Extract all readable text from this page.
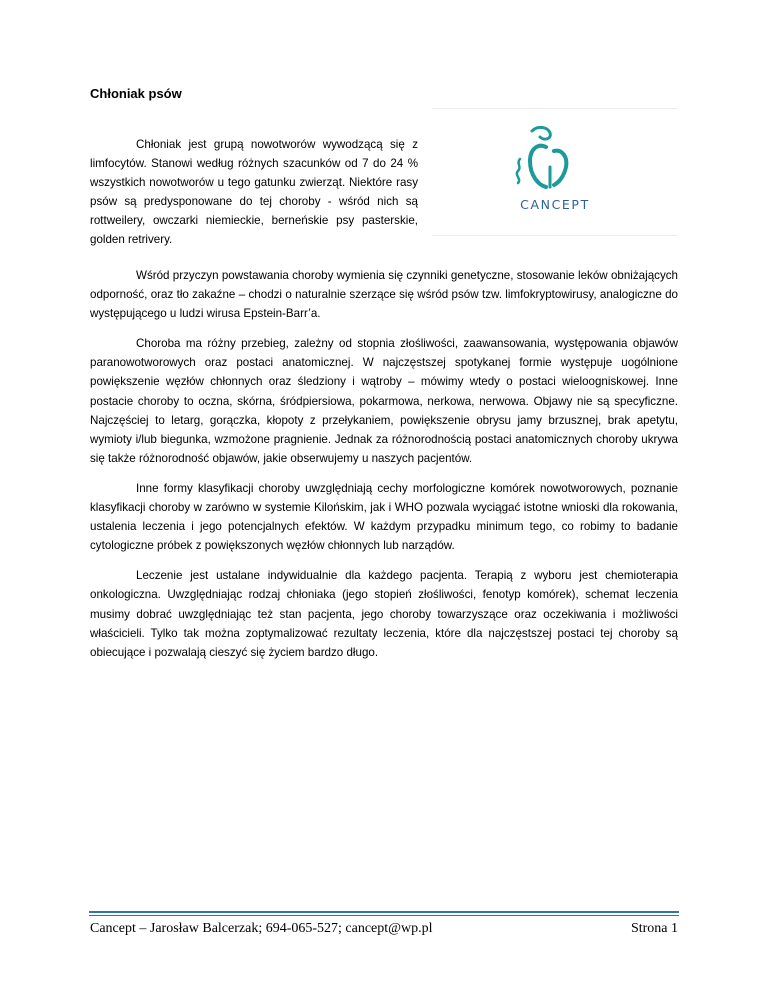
Chłoniak psów

Chłoniak jest grupą nowotworów wywodzącą się z limfocytów. Stanowi według różnych szacunków od 7 do 24 % wszystkich nowotworów u tego gatunku zwierząt. Niektóre rasy psów są predysponowane do tej choroby - wśród nich są rottweilery, owczarki niemieckie, berneńskie psy pasterskie, golden retrivery.

CANCEPT

Wśród przyczyn powstawania choroby wymienia się czynniki genetyczne, stosowanie leków obniżających odporność, oraz tło zakaźne – chodzi o naturalnie szerzące się wśród psów tzw. limfokryptowirusy, analogiczne do występującego u ludzi wirusa Epstein-Barr’a.

Choroba ma różny przebieg, zależny od stopnia złośliwości, zaawansowania, występowania objawów paranowotworowych oraz postaci anatomicznej. W najczęstszej spotykanej formie występuje uogólnione powiększenie węzłów chłonnych oraz śledziony i wątroby – mówimy wtedy o postaci wieloogniskowej. Inne postacie choroby to oczna, skórna, śródpiersiowa, pokarmowa, nerkowa, nerwowa. Objawy nie są specyficzne. Najczęściej to letarg, gorączka, kłopoty z przełykaniem, powiększenie obrysu jamy brzusznej, brak apetytu, wymioty i/lub biegunka, wzmożone pragnienie. Jednak za różnorodnością postaci anatomicznych choroby ukrywa się także różnorodność objawów, jakie obserwujemy u naszych pacjentów.

Inne formy klasyfikacji choroby uwzględniają cechy morfologiczne komórek nowotworowych, poznanie klasyfikacji choroby w zarówno w systemie Kilońskim, jak i WHO pozwala wyciągać istotne wnioski dla rokowania, ustalenia leczenia i jego potencjalnych efektów. W każdym przypadku minimum tego, co robimy to badanie cytologiczne próbek z powiększonych węzłów chłonnych lub narządów.

Leczenie jest ustalane indywidualnie dla każdego pacjenta. Terapią z wyboru jest chemioterapia onkologiczna. Uwzględniając rodzaj chłoniaka (jego stopień złośliwości, fenotyp komórek), schemat leczenia musimy dobrać uwzględniając też stan pacjenta, jego choroby towarzyszące oraz oczekiwania i możliwości właścicieli. Tylko tak można zoptymalizować rezultaty leczenia, które dla najczęstszej postaci tej choroby są obiecujące i pozwalają cieszyć się życiem bardzo długo.

Cancept – Jarosław Balcerzak; 694-065-527; cancept@wp.pl	Strona 1
